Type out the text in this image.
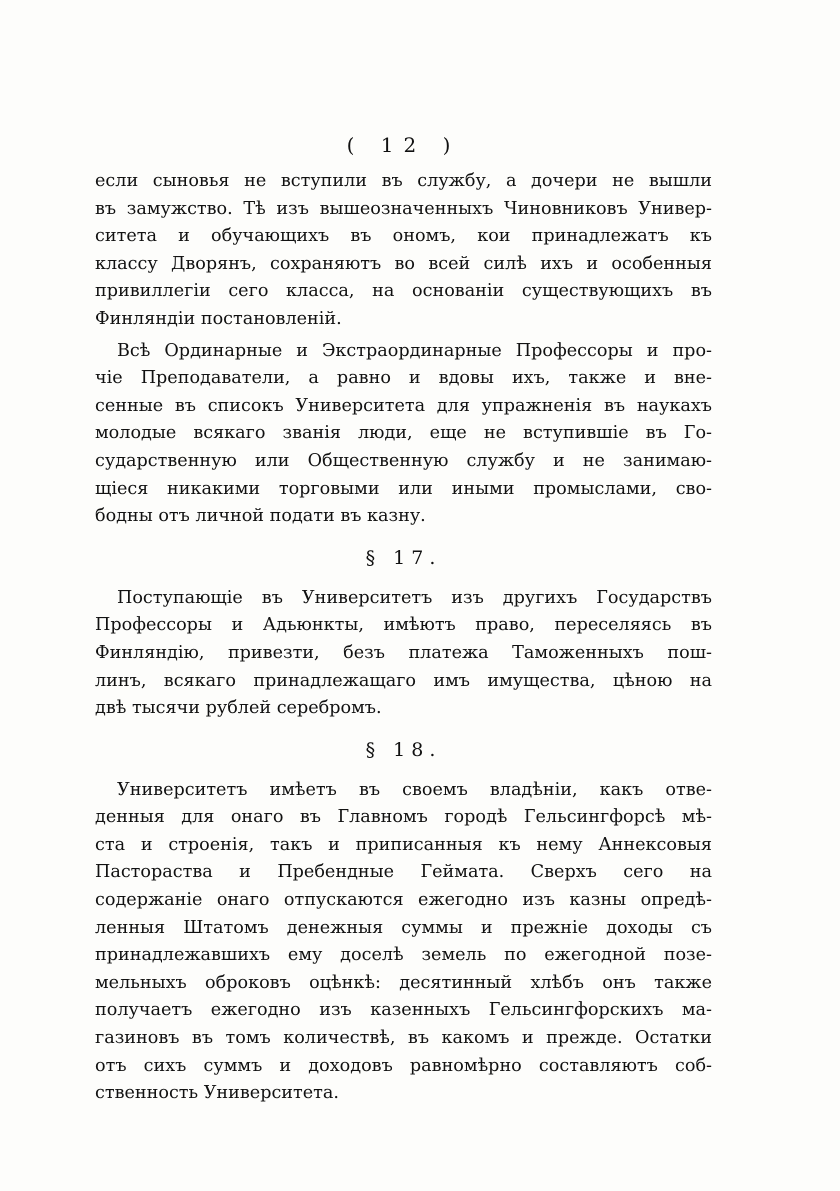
( 12 )
если сыновья не вступили въ службу, а дочери не вышли
въ замужство. Тѣ изъ вышеозначенныхъ Чиновниковъ Универ-
ситета и обучающихъ въ ономъ, кои принадлежатъ къ
классу Дворянъ, сохраняютъ во всей силѣ ихъ и особенныя
привиллегіи сего класса, на основаніи существующихъ въ
Финляндіи постановленій.
Всѣ Ординарные и Экстраординарные Профессоры и про-
чіе Преподаватели, а равно и вдовы ихъ, также и вне-
сенные въ списокъ Университета для упражненія въ наукахъ
молодые всякаго званія люди, еще не вступившіе въ Го-
сударственную или Общественную службу и не занимаю-
щіеся никакими торговыми или иными промыслами, сво-
бодны отъ личной подати въ казну.
§ 17.
Поступающіе въ Университетъ изъ другихъ Государствъ
Профессоры и Адьюнкты, имѣютъ право, переселяясь въ
Финляндію, привезти, безъ платежа Таможенныхъ пош-
линъ, всякаго принадлежащаго имъ имущества, цѣною на
двѣ тысячи рублей серебромъ.
§ 18.
Университетъ имѣетъ въ своемъ владѣніи, какъ отве-
денныя для онаго въ Главномъ городѣ Гельсингфорсѣ мѣ-
ста и строенія, такъ и приписанныя къ нему Аннексовыя
Пастораства и Пребендные Геймата. Сверхъ сего на
содержаніе онаго отпускаются ежегодно изъ казны опредѣ-
ленныя Штатомъ денежныя суммы и прежніе доходы съ
принадлежавшихъ ему доселѣ земель по ежегодной позе-
мельныхъ оброковъ оцѣнкѣ: десятинный хлѣбъ онъ также
получаетъ ежегодно изъ казенныхъ Гельсингфорскихъ ма-
газиновъ въ томъ количествѣ, въ какомъ и прежде. Остатки
отъ сихъ суммъ и доходовъ равномѣрно составляютъ соб-
ственность Университета.
